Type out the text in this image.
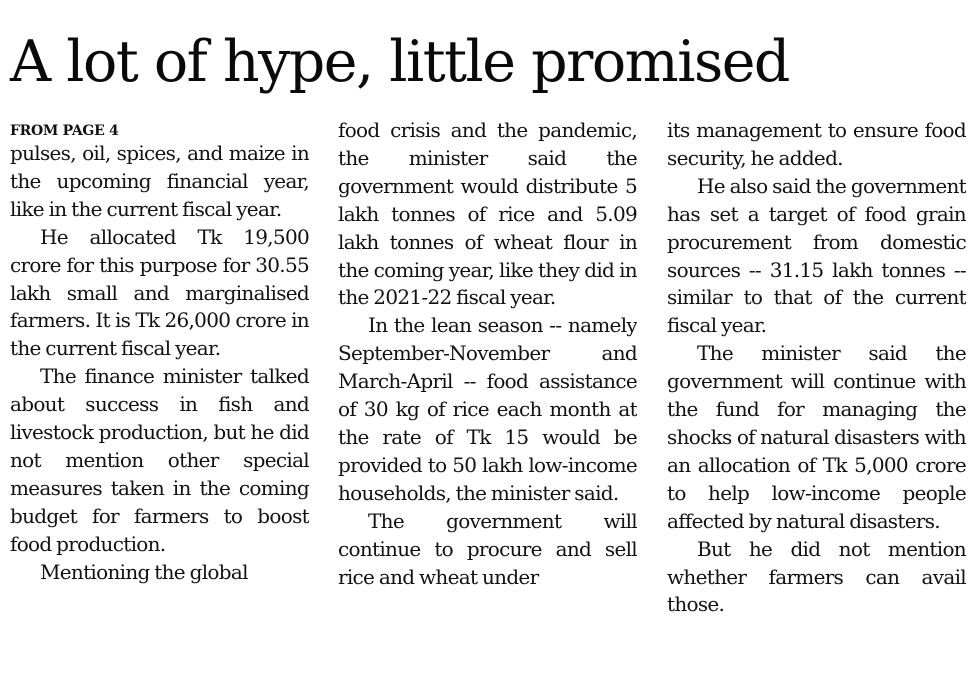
A lot of hype, little promised
FROM PAGE 4

pulses, oil, spices, and maize in the upcoming financial year, like in the current fiscal year.

He allocated Tk 19,500 crore for this purpose for 30.55 lakh small and marginalised farmers. It is Tk 26,000 crore in the current fiscal year.

The finance minister talked about success in fish and livestock production, but he did not mention other special measures taken in the coming budget for farmers to boost food production.

Mentioning the global

food crisis and the pandemic, the minister said the government would distribute 5 lakh tonnes of rice and 5.09 lakh tonnes of wheat flour in the coming year, like they did in the 2021-22 fiscal year.

In the lean season -- namely September-November and March-April -- food assistance of 30 kg of rice each month at the rate of Tk 15 would be provided to 50 lakh low-income households, the minister said.

The government will continue to procure and sell rice and wheat under

its management to ensure food security, he added.

He also said the government has set a target of food grain procurement from domestic sources -- 31.15 lakh tonnes -- similar to that of the current fiscal year.

The minister said the government will continue with the fund for managing the shocks of natural disasters with an allocation of Tk 5,000 crore to help low-income people affected by natural disasters.

But he did not mention whether farmers can avail those.
